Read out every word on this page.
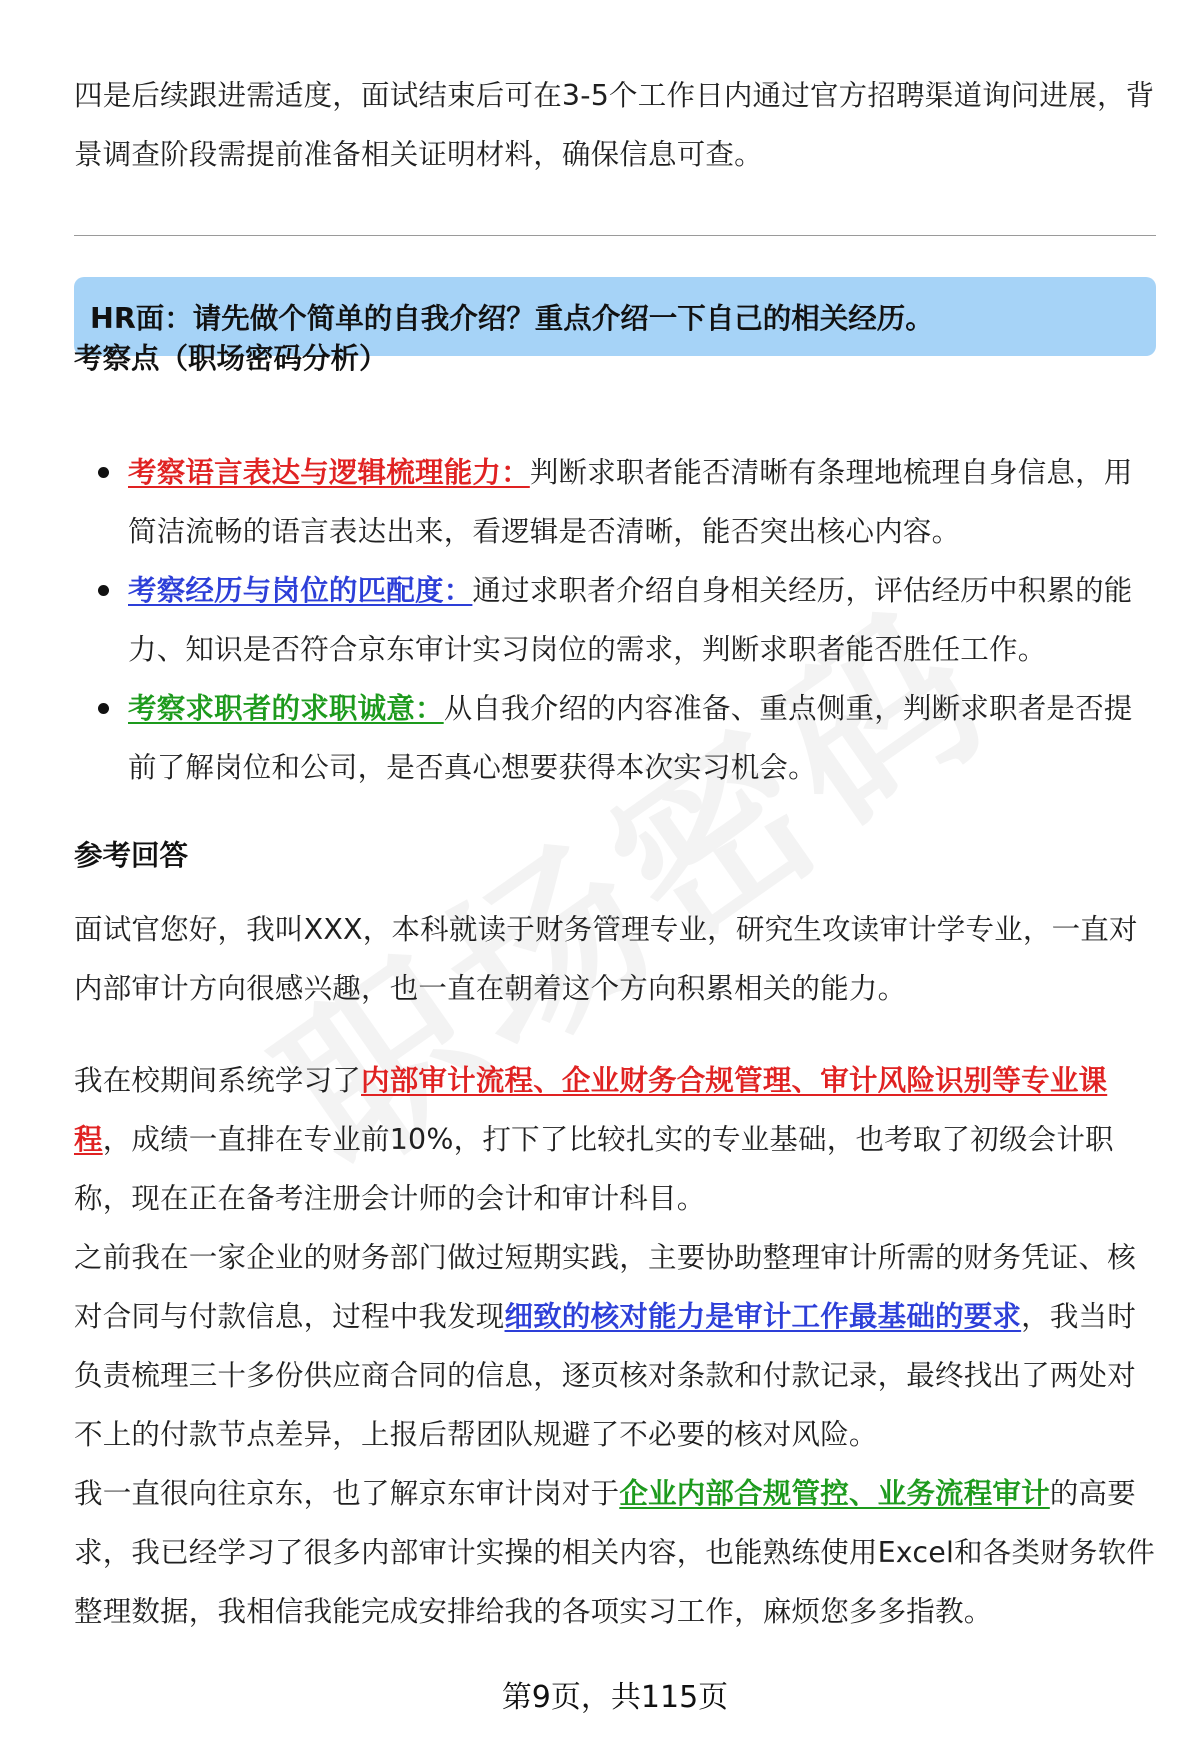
四是后续跟进需适度，面试结束后可在3-5个工作日内通过官方招聘渠道询问进展，背景调查阶段需提前准备相关证明材料，确保信息可查。

HR面：请先做个简单的自我介绍？重点介绍一下自己的相关经历。
考察点（职场密码分析）
考察语言表达与逻辑梳理能力：判断求职者能否清晰有条理地梳理自身信息，用简洁流畅的语言表达出来，看逻辑是否清晰，能否突出核心内容。
考察经历与岗位的匹配度：通过求职者介绍自身相关经历，评估经历中积累的能力、知识是否符合京东审计实习岗位的需求，判断求职者能否胜任工作。
考察求职者的求职诚意：从自我介绍的内容准备、重点侧重，判断求职者是否提前了解岗位和公司，是否真心想要获得本次实习机会。
参考回答

面试官您好，我叫XXX，本科就读于财务管理专业，研究生攻读审计学专业，一直对内部审计方向很感兴趣，也一直在朝着这个方向积累相关的能力。

我在校期间系统学习了内部审计流程、企业财务合规管理、审计风险识别等专业课程，成绩一直排在专业前10%，打下了比较扎实的专业基础，也考取了初级会计职称，现在正在备考注册会计师的会计和审计科目。

之前我在一家企业的财务部门做过短期实践，主要协助整理审计所需的财务凭证、核对合同与付款信息，过程中我发现细致的核对能力是审计工作最基础的要求，我当时负责梳理三十多份供应商合同的信息，逐页核对条款和付款记录，最终找出了两处对不上的付款节点差异，上报后帮团队规避了不必要的核对风险。

我一直很向往京东，也了解京东审计岗对于企业内部合规管控、业务流程审计的高要求，我已经学习了很多内部审计实操的相关内容，也能熟练使用Excel和各类财务软件整理数据，我相信我能完成安排给我的各项实习工作，麻烦您多多指教。

第9页，共115页
